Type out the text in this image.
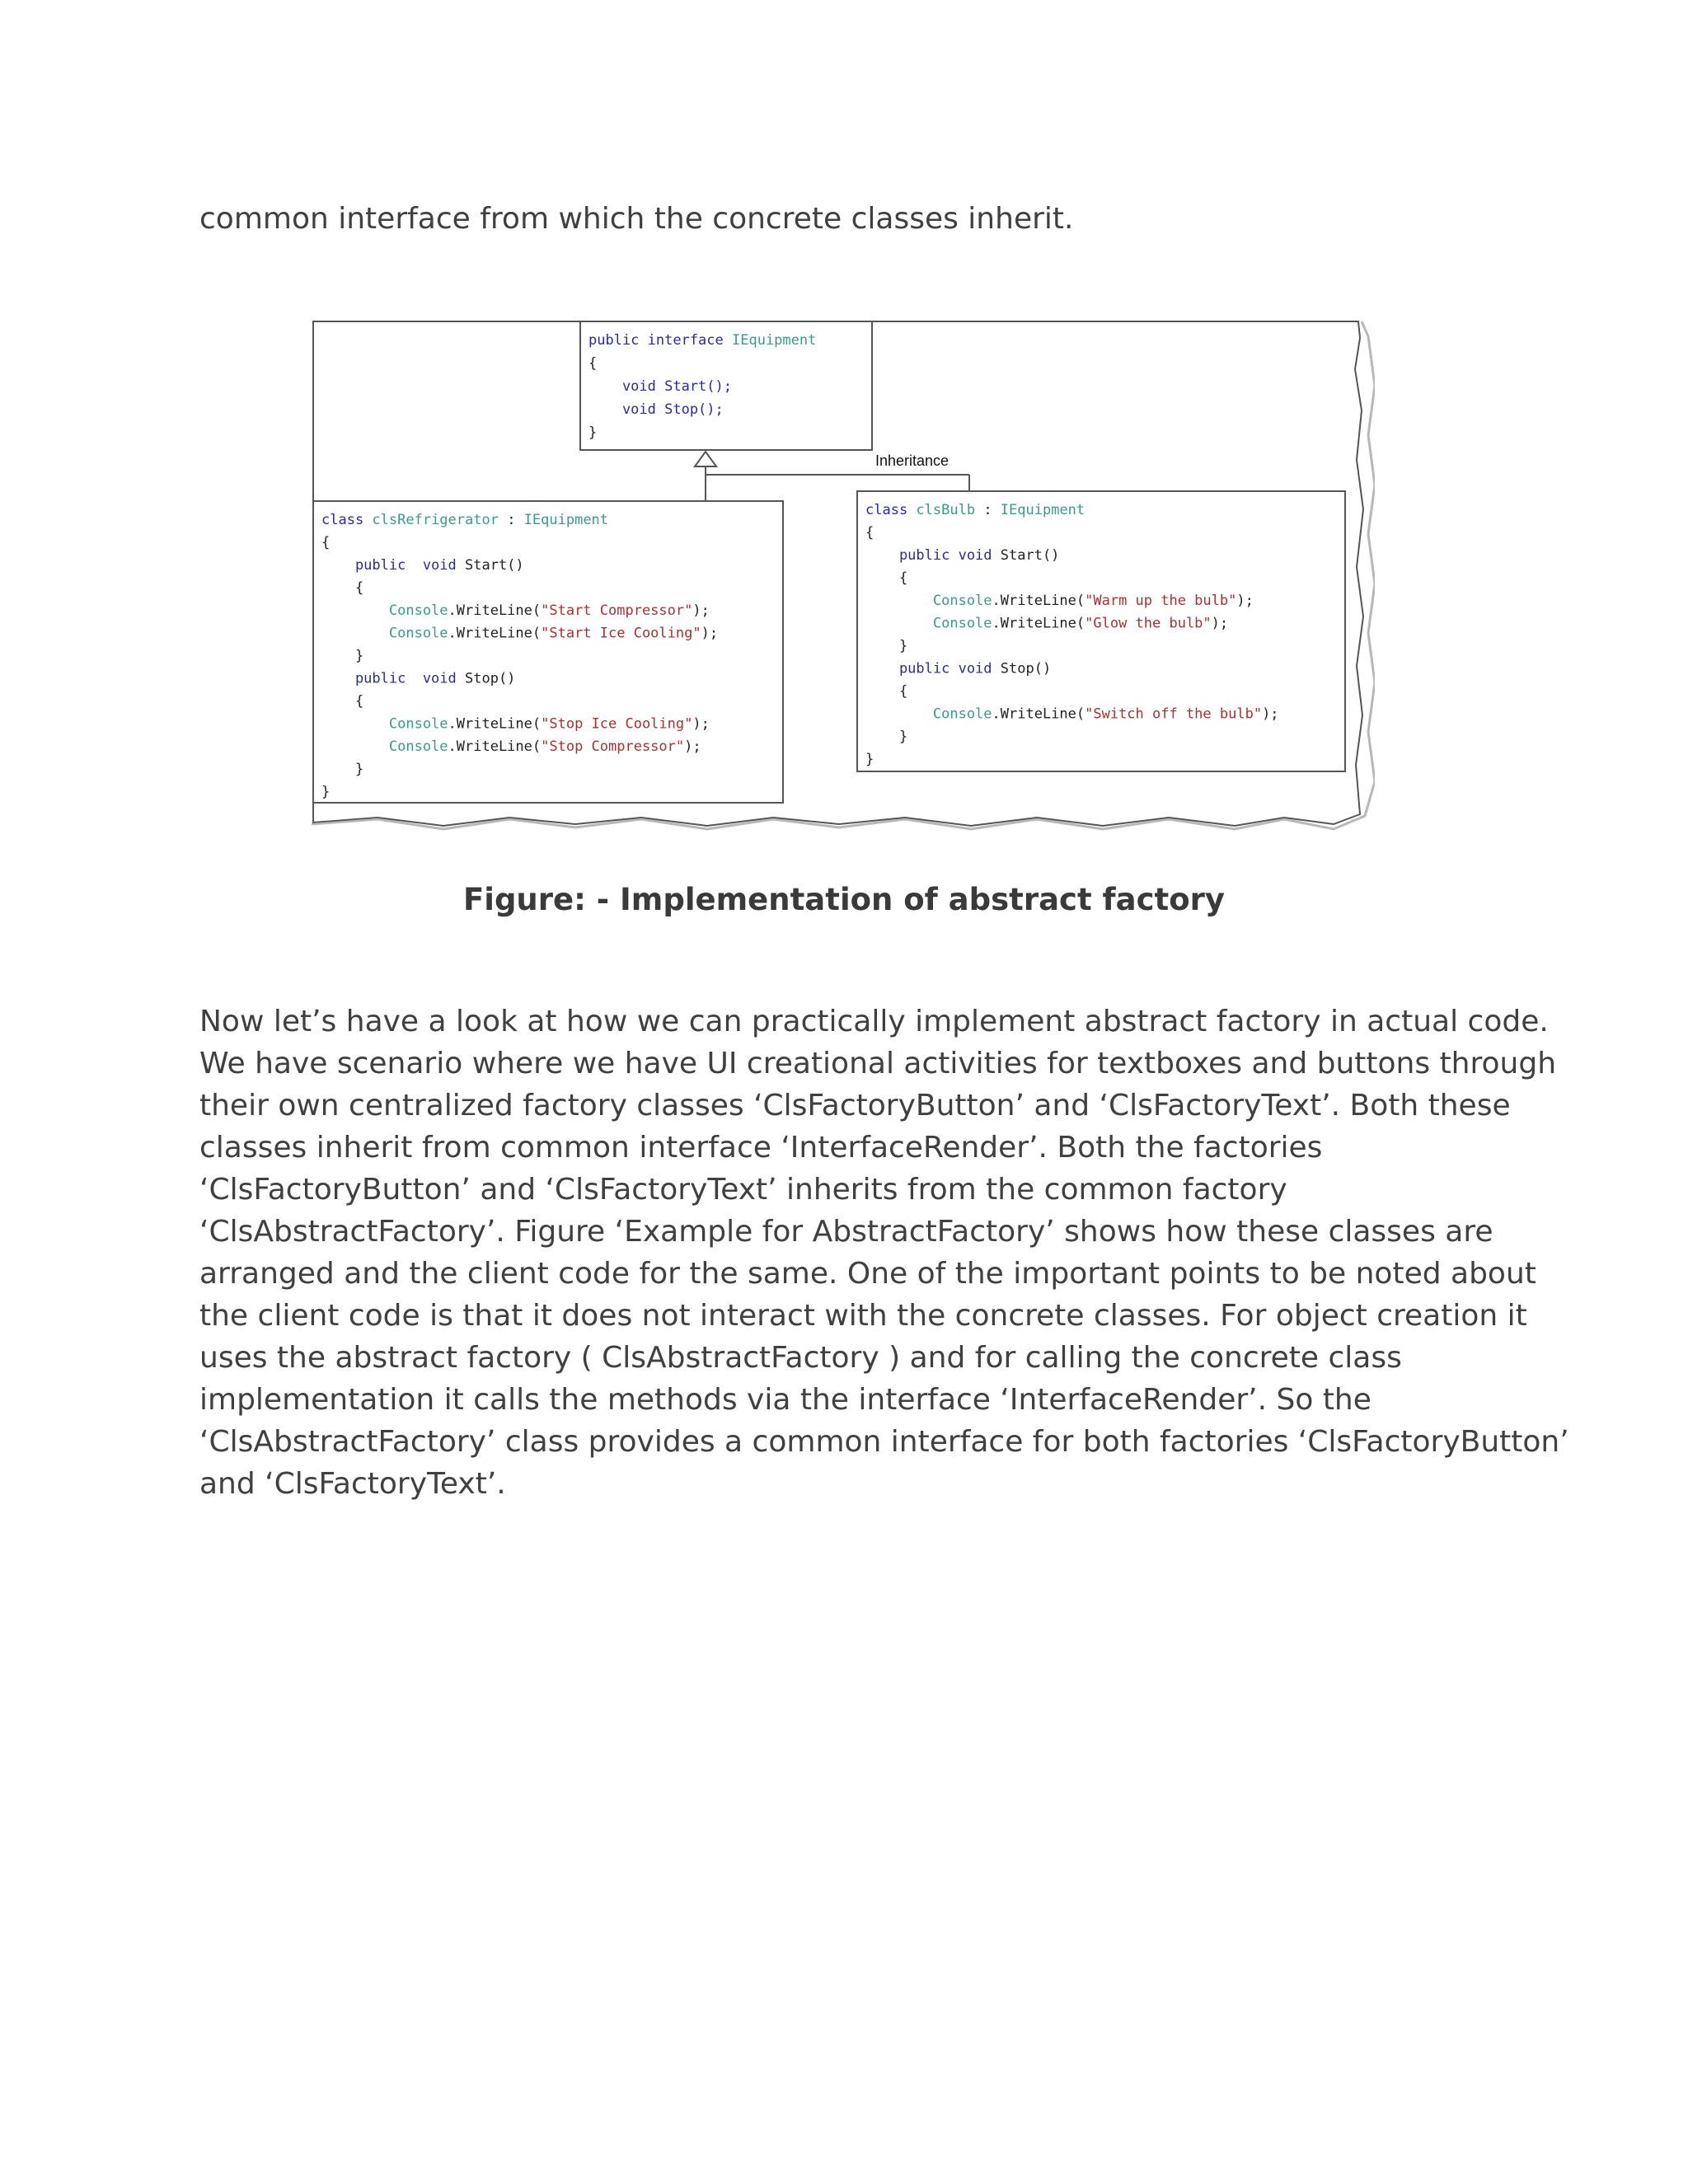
common interface from which the concrete classes inherit.

public interface IEquipment {    void Start();    void Stop(); }
Inheritance
class clsRefrigerator : IEquipment {    public  void Start()    {        Console.WriteLine("Start Compressor");        Console.WriteLine("Start Ice Cooling");    }    public  void Stop()    {        Console.WriteLine("Stop Ice Cooling");        Console.WriteLine("Stop Compressor");    } }
class clsBulb : IEquipment {    public void Start()    {        Console.WriteLine("Warm up the bulb");        Console.WriteLine("Glow the bulb");    }    public void Stop()    {        Console.WriteLine("Switch off the bulb");    } }

Figure: - Implementation of abstract factory

Now let’s have a look at how we can practically implement abstract factory in actual code.
We have scenario where we have UI creational activities for textboxes and buttons through
their own centralized factory classes ‘ClsFactoryButton’ and ‘ClsFactoryText’. Both these
classes inherit from common interface ‘InterfaceRender’. Both the factories
‘ClsFactoryButton’ and ‘ClsFactoryText’ inherits from the common factory
‘ClsAbstractFactory’. Figure ‘Example for AbstractFactory’ shows how these classes are
arranged and the client code for the same. One of the important points to be noted about
the client code is that it does not interact with the concrete classes. For object creation it
uses the abstract factory ( ClsAbstractFactory ) and for calling the concrete class
implementation it calls the methods via the interface ‘InterfaceRender’. So the
‘ClsAbstractFactory’ class provides a common interface for both factories ‘ClsFactoryButton’
and ‘ClsFactoryText’.
